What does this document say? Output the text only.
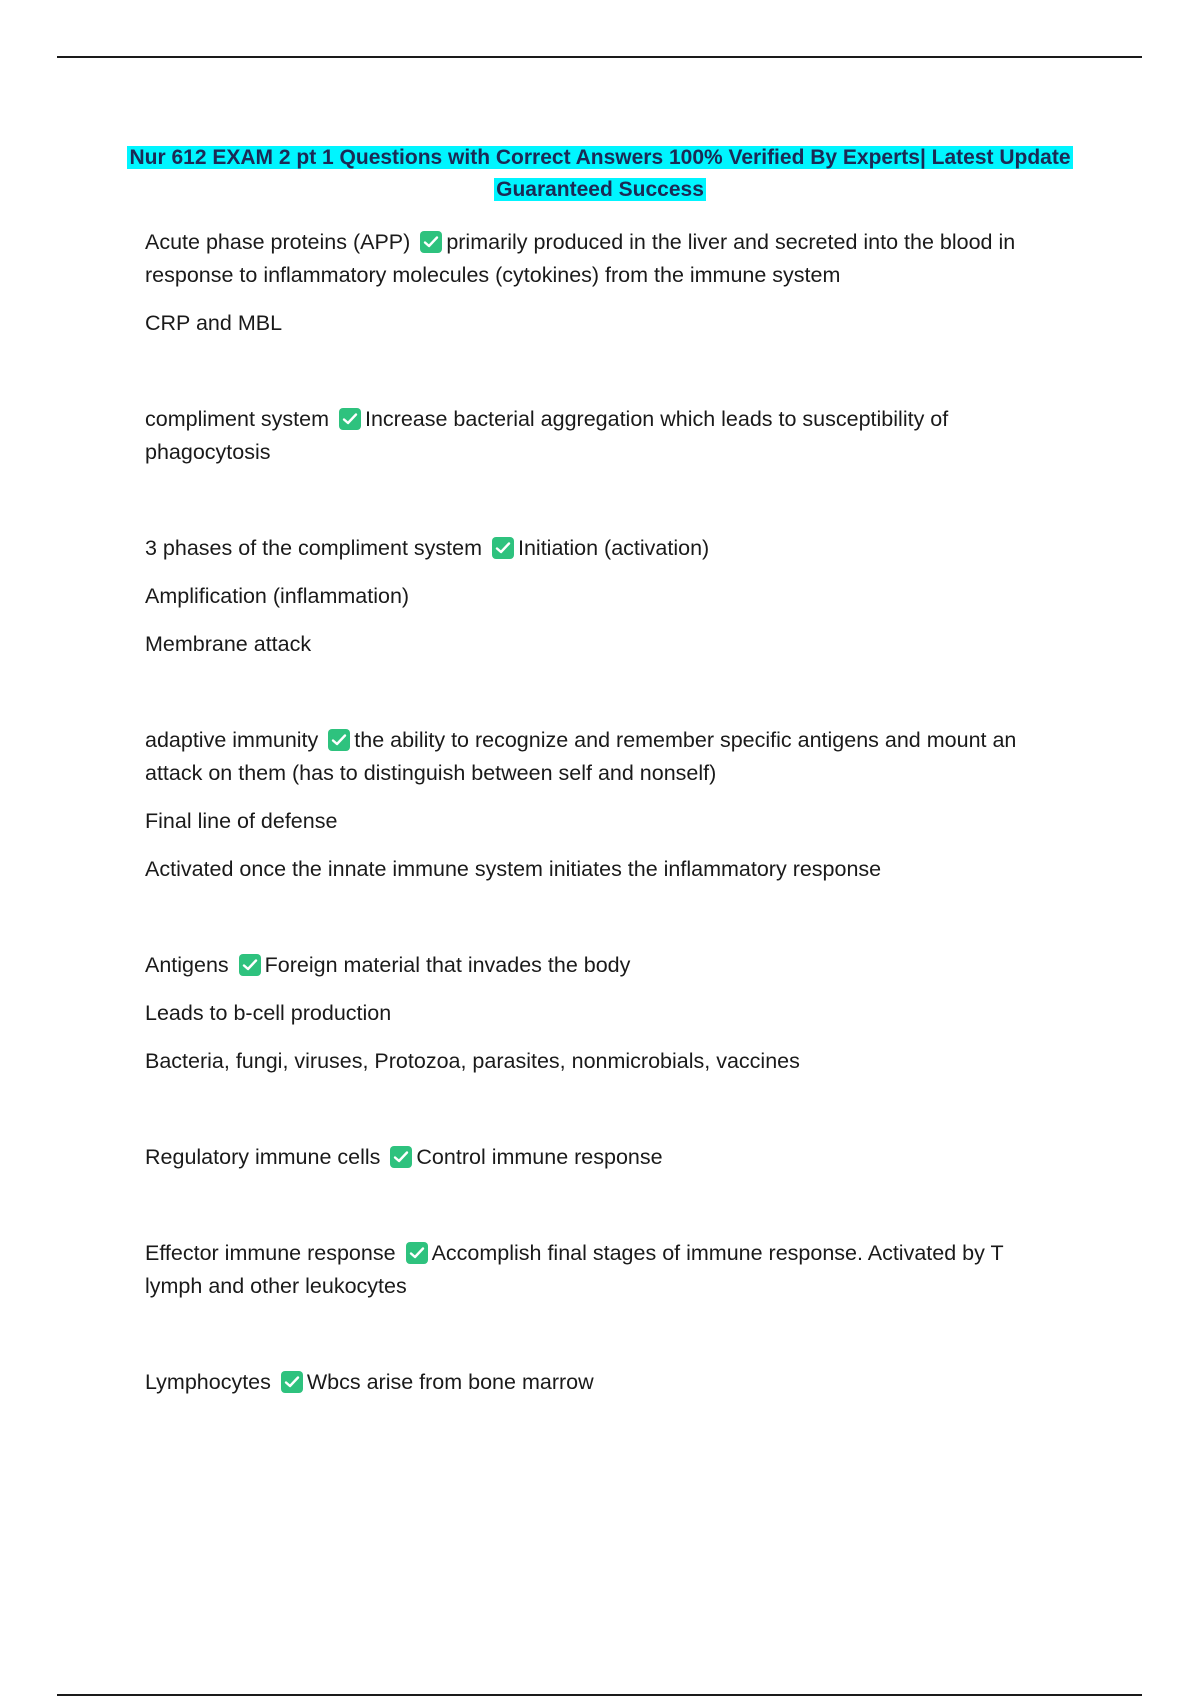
Nur 612 EXAM 2 pt 1 Questions with Correct Answers 100% Verified By Experts| Latest Update Guaranteed Success

Acute phase proteins (APP) primarily produced in the liver and secreted into the blood in response to inflammatory molecules (cytokines) from the immune system

CRP and MBL

compliment system Increase bacterial aggregation which leads to susceptibility of phagocytosis

3 phases of the compliment system Initiation (activation)

Amplification (inflammation)

Membrane attack

adaptive immunity the ability to recognize and remember specific antigens and mount an attack on them (has to distinguish between self and nonself)

Final line of defense

Activated once the innate immune system initiates the inflammatory response

Antigens Foreign material that invades the body

Leads to b-cell production

Bacteria, fungi, viruses, Protozoa, parasites, nonmicrobials, vaccines

Regulatory immune cells Control immune response

Effector immune response Accomplish final stages of immune response. Activated by T lymph and other leukocytes

Lymphocytes Wbcs arise from bone marrow
